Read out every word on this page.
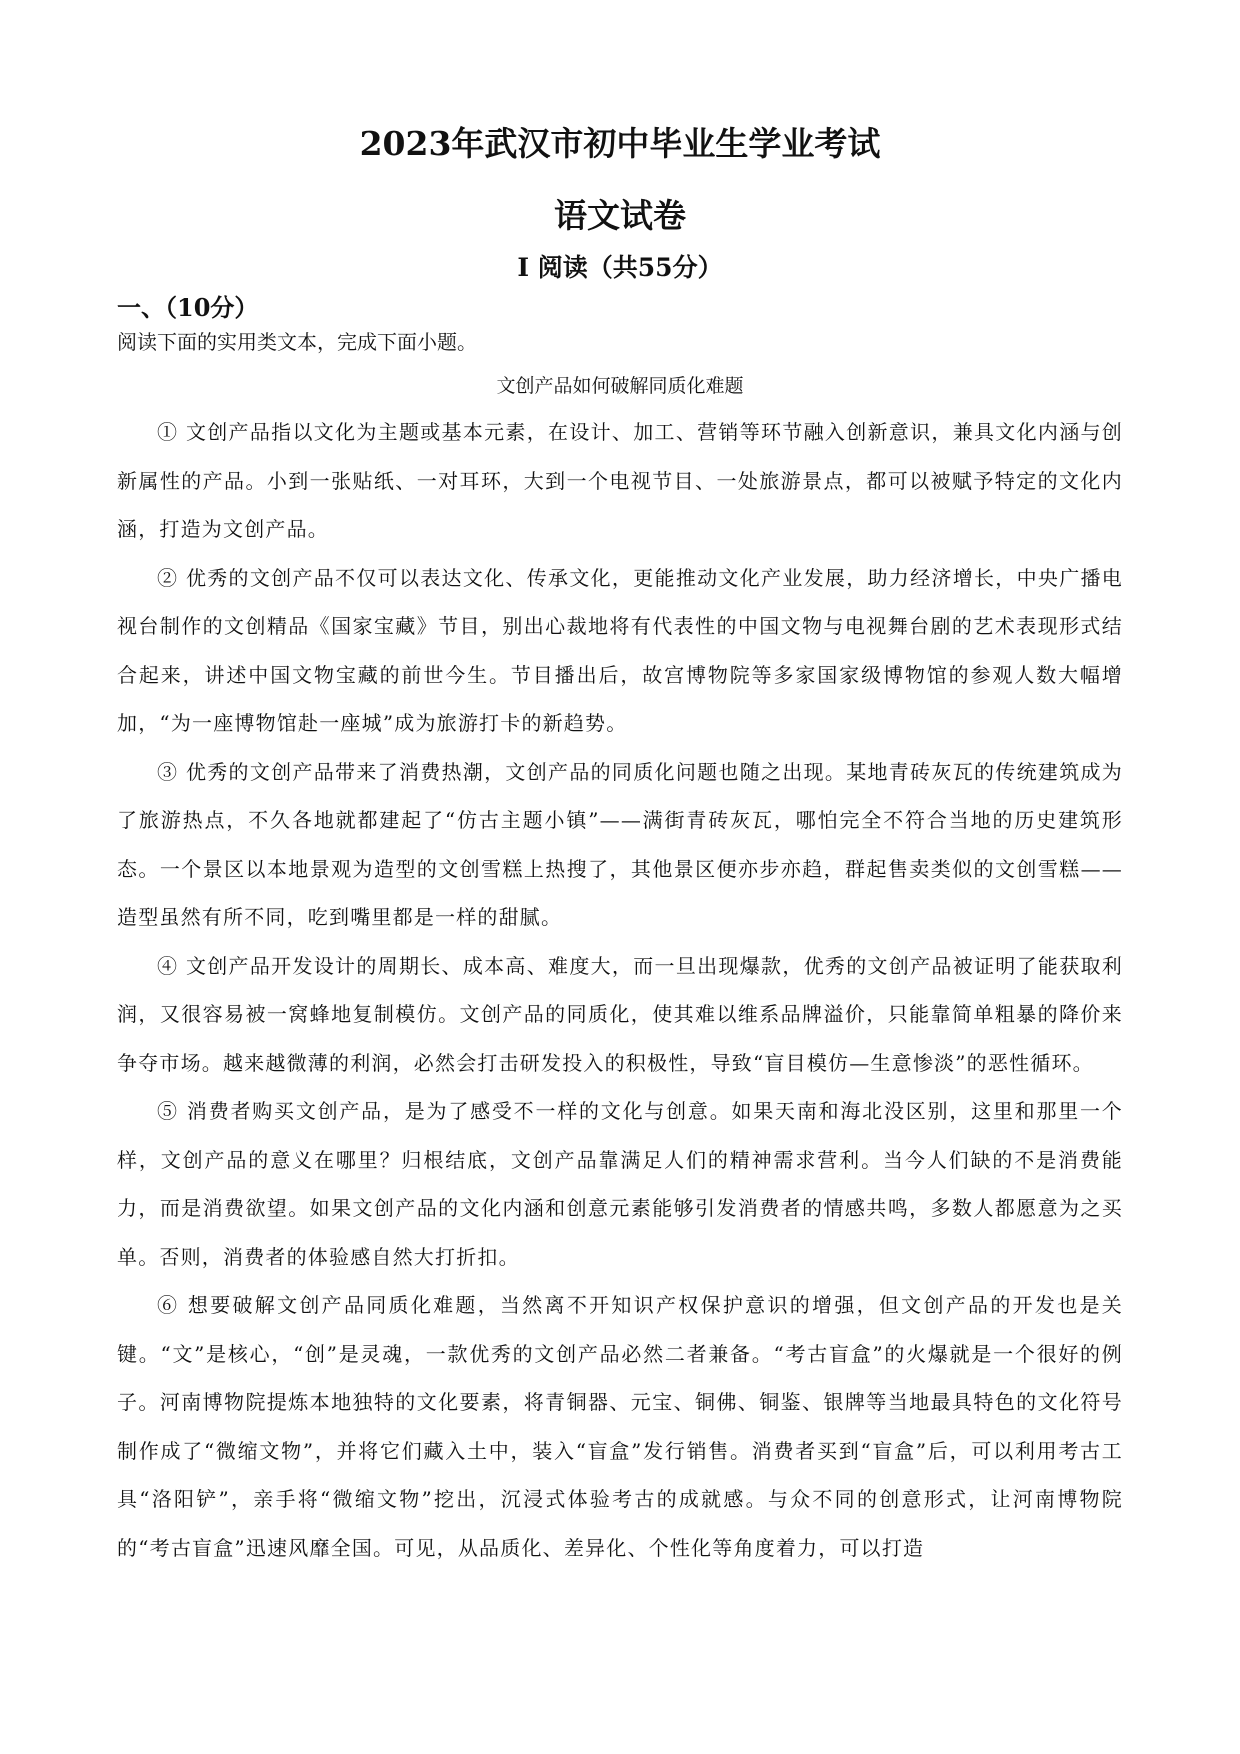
2023年武汉市初中毕业生学业考试
语文试卷
Ⅰ 阅读（共55分）
一、（10分）
阅读下面的实用类文本，完成下面小题。
文创产品如何破解同质化难题

① 文创产品指以文化为主题或基本元素，在设计、加工、营销等环节融入创新意识，兼具文化内涵与创新属性的产品。小到一张贴纸、一对耳环，大到一个电视节目、一处旅游景点，都可以被赋予特定的文化内涵，打造为文创产品。

② 优秀的文创产品不仅可以表达文化、传承文化，更能推动文化产业发展，助力经济增长，中央广播电视台制作的文创精品《国家宝藏》节目，别出心裁地将有代表性的中国文物与电视舞台剧的艺术表现形式结合起来，讲述中国文物宝藏的前世今生。节目播出后，故宫博物院等多家国家级博物馆的参观人数大幅增加，“为一座博物馆赴一座城”成为旅游打卡的新趋势。

③ 优秀的文创产品带来了消费热潮，文创产品的同质化问题也随之出现。某地青砖灰瓦的传统建筑成为了旅游热点，不久各地就都建起了“仿古主题小镇”——满街青砖灰瓦，哪怕完全不符合当地的历史建筑形态。一个景区以本地景观为造型的文创雪糕上热搜了，其他景区便亦步亦趋，群起售卖类似的文创雪糕——造型虽然有所不同，吃到嘴里都是一样的甜腻。

④ 文创产品开发设计的周期长、成本高、难度大，而一旦出现爆款，优秀的文创产品被证明了能获取利润，又很容易被一窝蜂地复制模仿。文创产品的同质化，使其难以维系品牌溢价，只能靠简单粗暴的降价来争夺市场。越来越微薄的利润，必然会打击研发投入的积极性，导致“盲目模仿—生意惨淡”的恶性循环。

⑤ 消费者购买文创产品，是为了感受不一样的文化与创意。如果天南和海北没区别，这里和那里一个样，文创产品的意义在哪里？归根结底，文创产品靠满足人们的精神需求营利。当今人们缺的不是消费能力，而是消费欲望。如果文创产品的文化内涵和创意元素能够引发消费者的情感共鸣，多数人都愿意为之买单。否则，消费者的体验感自然大打折扣。

⑥ 想要破解文创产品同质化难题，当然离不开知识产权保护意识的增强，但文创产品的开发也是关键。“文”是核心，“创”是灵魂，一款优秀的文创产品必然二者兼备。“考古盲盒”的火爆就是一个很好的例子。河南博物院提炼本地独特的文化要素，将青铜器、元宝、铜佛、铜鉴、银牌等当地最具特色的文化符号制作成了“微缩文物”，并将它们藏入土中，装入“盲盒”发行销售。消费者买到“盲盒”后，可以利用考古工具“洛阳铲”，亲手将“微缩文物”挖出，沉浸式体验考古的成就感。与众不同的创意形式，让河南博物院的“考古盲盒”迅速风靡全国。可见，从品质化、差异化、个性化等角度着力，可以打造
